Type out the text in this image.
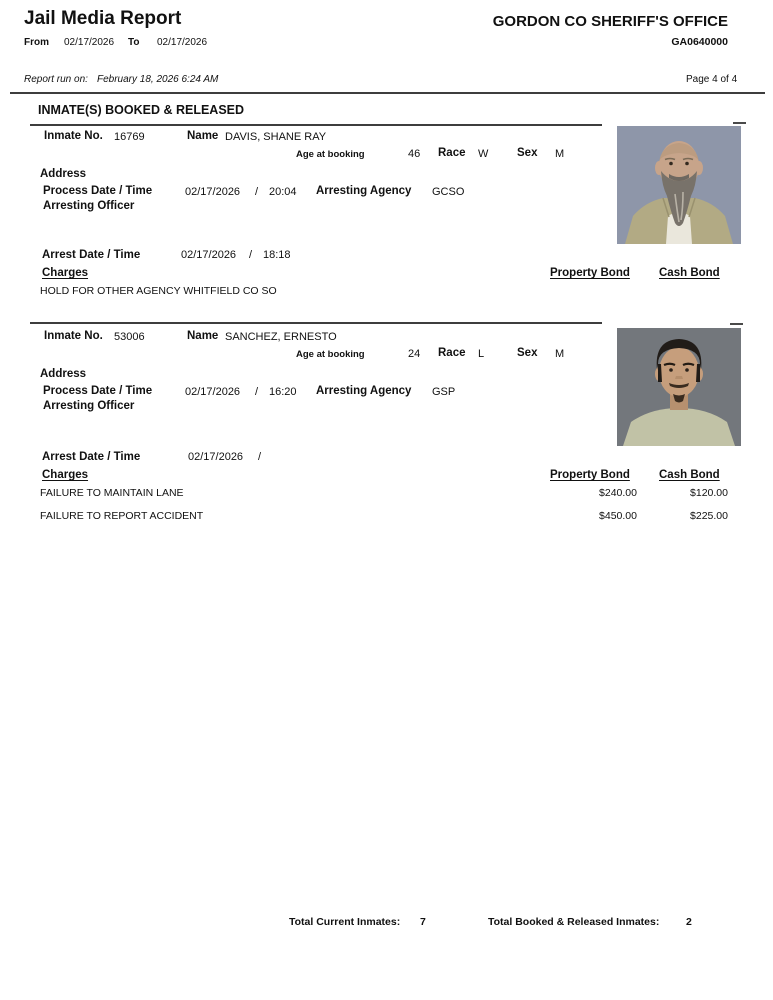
Jail Media Report	GORDON CO SHERIFF'S OFFICE
From 02/17/2026 To 02/17/2026	GA0640000
Report run on: February 18, 2026 6:24 AM	Page 4 of 4
INMATE(S) BOOKED & RELEASED
Inmate No. 16769	Name DAVIS, SHANE RAY
Age at booking	46 Race W Sex M
Address
Process Date / Time	02/17/2026 / 20:04 Arresting Agency GCSO
Arresting Officer
Arrest Date / Time	02/17/2026 / 18:18
Charges	Property Bond	Cash Bond
HOLD FOR OTHER AGENCY WHITFIELD CO SO
Inmate No. 53006	Name SANCHEZ, ERNESTO
Age at booking	24 Race L	Sex M
Address
Process Date / Time	02/17/2026 / 16:20 Arresting Agency GSP
Arresting Officer
Arrest Date / Time	02/17/2026 /
Charges	Property Bond	Cash Bond
FAILURE TO MAINTAIN LANE	$240.00	$120.00
FAILURE TO REPORT ACCIDENT	$450.00	$225.00
Total Current Inmates: 7	Total Booked & Released Inmates:	2
